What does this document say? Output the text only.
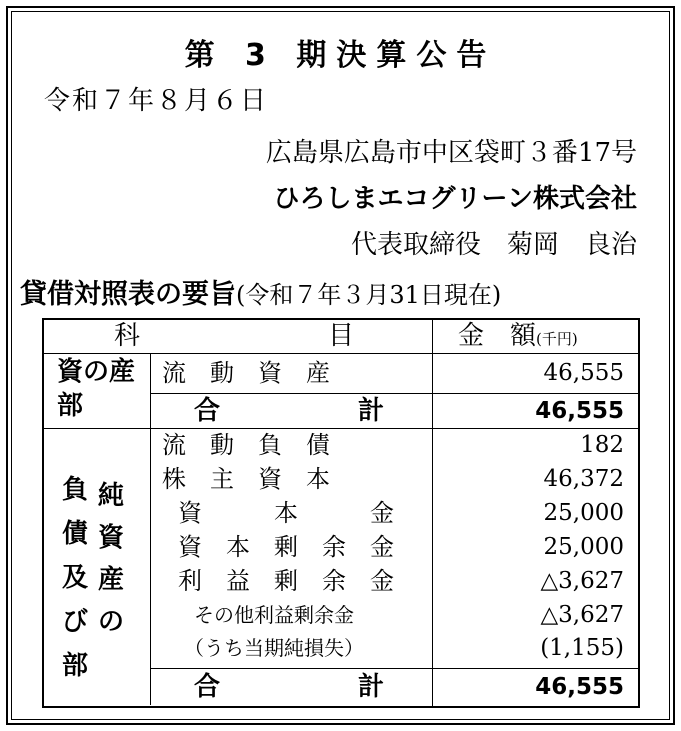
第 3 期決算公告
令和７年８月６日
広島県広島市中区袋町３番17号
ひろしまエコグリーン株式会社
代表取締役　菊岡　良治
貸借対照表の要旨(令和７年３月31日現在)
科	目	金　額(千円)
資の産部
流　動　資　産	46,555
合	計	46,555
負債及び部
純資産の
流　動　負　債	182
株　主　資　本	46,372
資　　　本　　　金	25,000
資　本　剰　余　金	25,000
利　益　剰　余　金	△3,627
その他利益剰余金	△3,627
（うち当期純損失）	(1,155)
合	計	46,555
